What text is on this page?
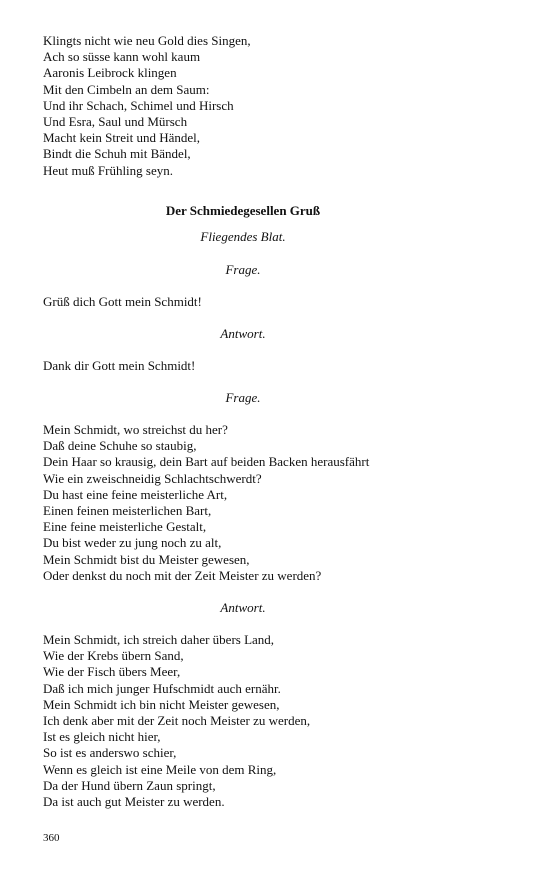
Klingts nicht wie neu Gold dies Singen,
Ach so süsse kann wohl kaum
Aaronis Leibrock klingen
Mit den Cimbeln an dem Saum:
Und ihr Schach, Schimel und Hirsch
Und Esra, Saul und Mürsch
Macht kein Streit und Händel,
Bindt die Schuh mit Bändel,
Heut muß Frühling seyn.
Der Schmiedegesellen Gruß
Fliegendes Blat.
Frage.
Grüß dich Gott mein Schmidt!
Antwort.
Dank dir Gott mein Schmidt!
Frage.
Mein Schmidt, wo streichst du her?
Daß deine Schuhe so staubig,
Dein Haar so krausig, dein Bart auf beiden Backen herausfährt
Wie ein zweischneidig Schlachtschwerdt?
Du hast eine feine meisterliche Art,
Einen feinen meisterlichen Bart,
Eine feine meisterliche Gestalt,
Du bist weder zu jung noch zu alt,
Mein Schmidt bist du Meister gewesen,
Oder denkst du noch mit der Zeit Meister zu werden?
Antwort.
Mein Schmidt, ich streich daher übers Land,
Wie der Krebs übern Sand,
Wie der Fisch übers Meer,
Daß ich mich junger Hufschmidt auch ernähr.
Mein Schmidt ich bin nicht Meister gewesen,
Ich denk aber mit der Zeit noch Meister zu werden,
Ist es gleich nicht hier,
So ist es anderswo schier,
Wenn es gleich ist eine Meile von dem Ring,
Da der Hund übern Zaun springt,
Da ist auch gut Meister zu werden.
360
